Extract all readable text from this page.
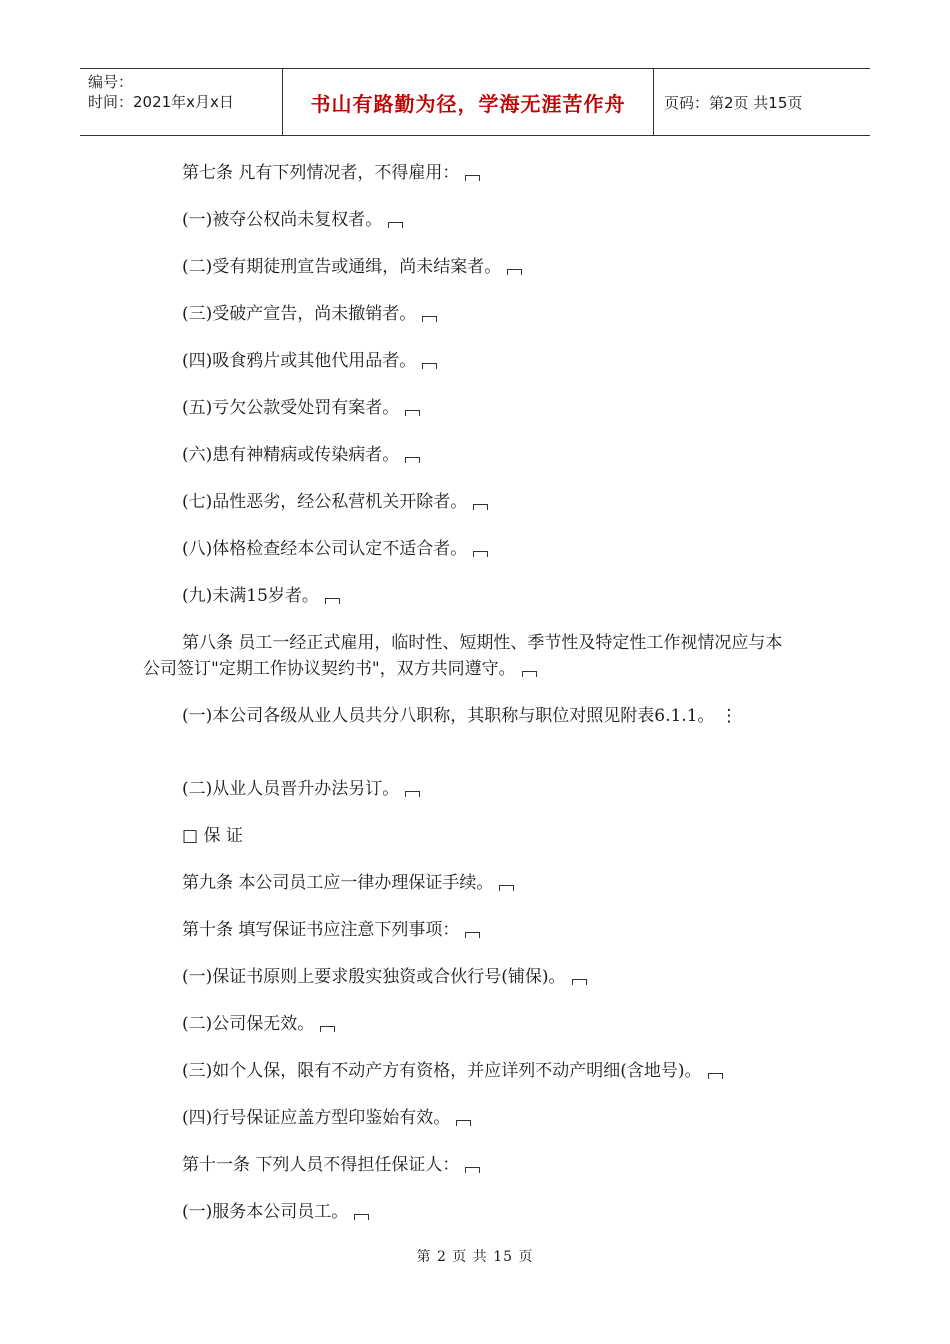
编号：
时间：2021年x月x日	书山有路勤为径，学海无涯苦作舟	页码：第2页 共15页
第七条 凡有下列情况者，不得雇用：
(一)被夺公权尚未复权者。
(二)受有期徒刑宣告或通缉，尚未结案者。
(三)受破产宣告，尚未撤销者。
(四)吸食鸦片或其他代用品者。
(五)亏欠公款受处罚有案者。
(六)患有神精病或传染病者。
(七)品性恶劣，经公私营机关开除者。
(八)体格检查经本公司认定不适合者。
(九)未满15岁者。
第八条 员工一经正式雇用，临时性、短期性、季节性及特定性工作视情况应与本公司签订"定期工作协议契约书"，双方共同遵守。
(一)本公司各级从业人员共分八职称，其职称与职位对照见附表6.1.1。 ⋮
(二)从业人员晋升办法另订。
□ 保 证
第九条 本公司员工应一律办理保证手续。
第十条 填写保证书应注意下列事项：
(一)保证书原则上要求殷实独资或合伙行号(铺保)。
(二)公司保无效。
(三)如个人保，限有不动产方有资格，并应详列不动产明细(含地号)。
(四)行号保证应盖方型印鉴始有效。
第十一条 下列人员不得担任保证人：
(一)服务本公司员工。
第 2 页 共 15 页
